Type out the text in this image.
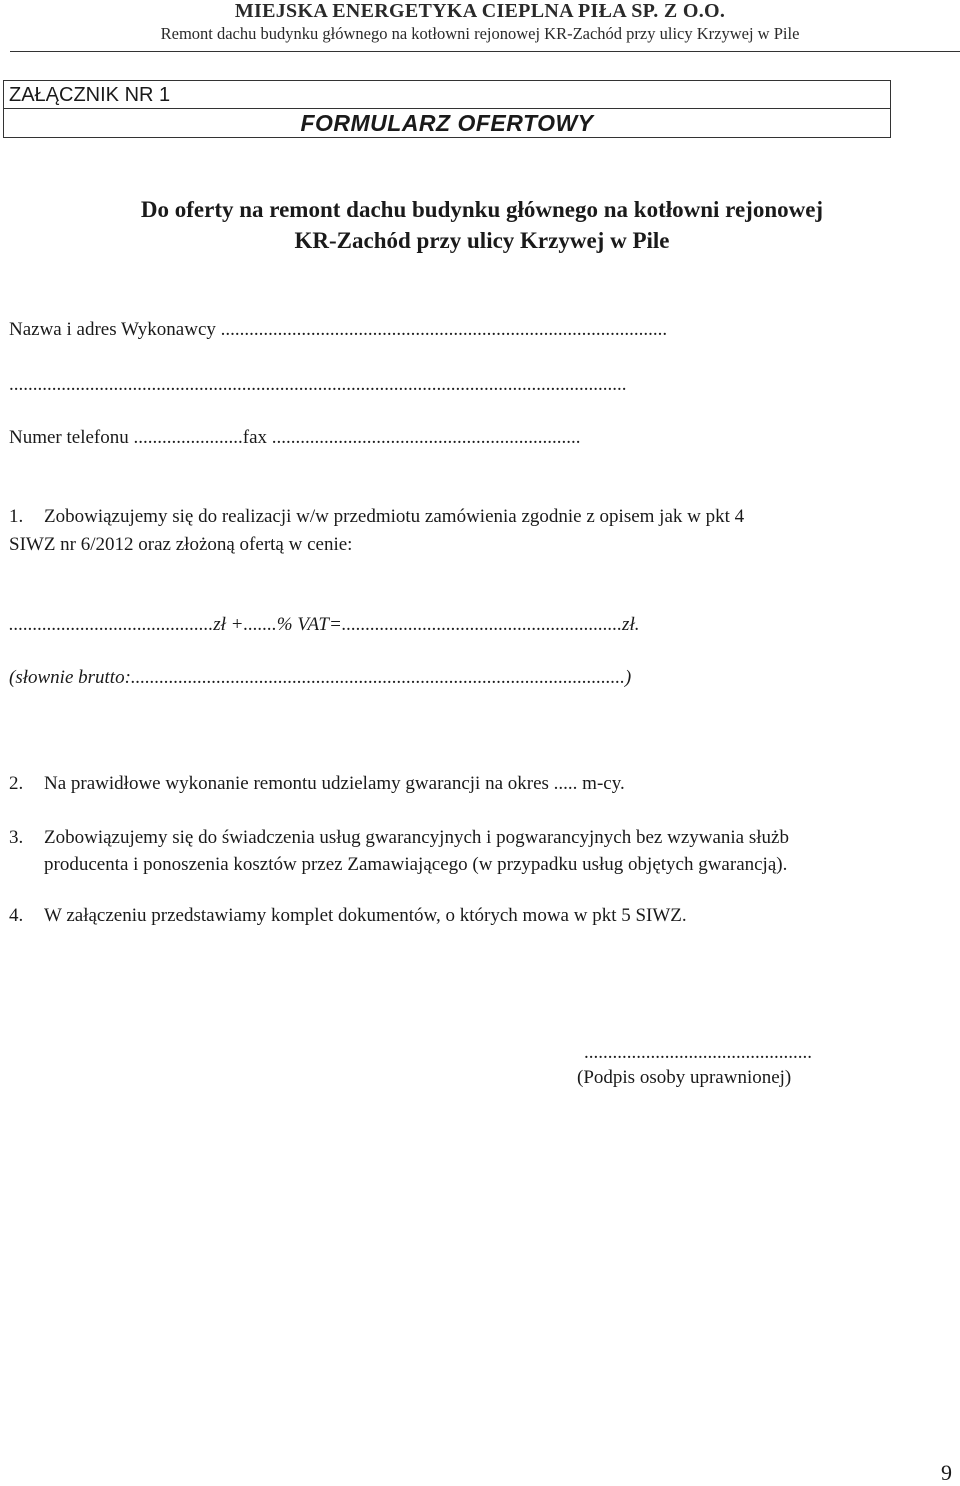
MIEJSKA ENERGETYKA CIEPLNA PIŁA SP. Z O.O.
Remont dachu budynku głównego na kotłowni rejonowej KR-Zachód przy ulicy Krzywej w Pile
ZAŁĄCZNIK NR 1
FORMULARZ OFERTOWY
Do oferty na remont dachu budynku głównego na kotłowni rejonowej
KR-Zachód przy ulicy Krzywej w Pile
Nazwa i adres Wykonawcy ..............................................................................................
..................................................................................................................................
Numer telefonu .......................fax .................................................................
1. Zobowiązujemy się do realizacji w/w przedmiotu zamówienia zgodnie z opisem jak w pkt 4
SIWZ nr 6/2012 oraz złożoną ofertą w cenie:
...........................................zł +.......% VAT=...........................................................zł.
(słownie brutto:........................................................................................................)
2. Na prawidłowe wykonanie remontu udzielamy gwarancji na okres ..... m-cy.
3. Zobowiązujemy się do świadczenia usług gwarancyjnych i pogwarancyjnych bez wzywania służb
producenta i ponoszenia kosztów przez Zamawiającego (w przypadku usług objętych gwarancją).
4. W załączeniu przedstawiamy komplet dokumentów, o których mowa w pkt 5 SIWZ.
................................................
(Podpis osoby uprawnionej)
9
